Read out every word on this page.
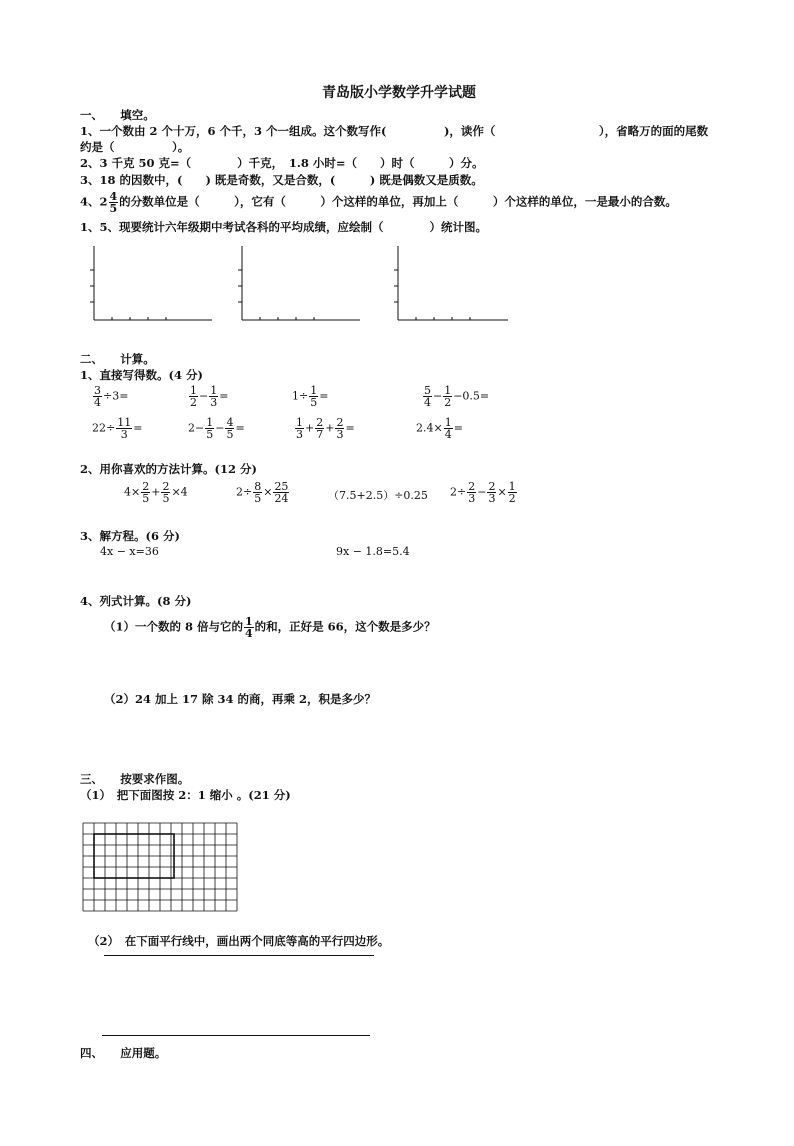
青岛版小学数学升学试题
一、　　填空。
1、一个数由 2 个十万，6 个千，3 个一组成。这个数写作(　　　　　)，读作（　　　　　　　　　），省略万的面的尾数
约是（　　　　　）。
2、3 千克 50 克=（　　　　）千克，　1.8 小时=（　　）时（　　　）分。
3、18 的因数中，(　　) 既是奇数，又是合数，(　　　) 既是偶数又是质数。
4、$2 \frac{4}{5}$ 的分数单位是（　　　），它有（　　　）个这样的单位，再加上（　　　）个这样的单位，一是最小的合数。
1、5、现要统计六年级期中考试各科的平均成绩，应绘制（　　　　）统计图。
二、　　计算。
1、直接写得数。(4 分)
$\frac{3}{4} \div 3=$	$\frac{1}{2} - \frac{1}{3}$ =	$1\div \frac{1}{5}$ =	$\frac{5}{4} - \frac{1}{2} -0.5=$
$22\div \frac{11}{3}$ =	$2- \frac{1}{5} - \frac{4}{5}$ =	$\frac{1}{3} + \frac{2}{7} + \frac{2}{3}$ =	$2.4\times \frac{1}{4}$ =
2、用你喜欢的方法计算。(12 分)
$4\times \frac{2}{5} + \frac{2}{5} \times 4$	$2\div \frac{8}{5} \times \frac{25}{24}$	（7.5+2.5）÷0.25 $2\div \frac{2}{3} - \frac{2}{3} \times \frac{1}{2}$
3、解方程。(6 分)
4x − x=36	9x − 1.8=5.4
4、列式计算。(8 分)
（1）一个数的 8 倍与它的 $\frac{1}{4}$ 的和，正好是 66，这个数是多少？
（2）24 加上 17 除 34 的商，再乘 2，积是多少？
三、　　按要求作图。
（1）　把下面图按 2：1 缩小 。(21 分)
（2）　在下面平行线中，画出两个同底等高的平行四边形。
四、　　应用题。
